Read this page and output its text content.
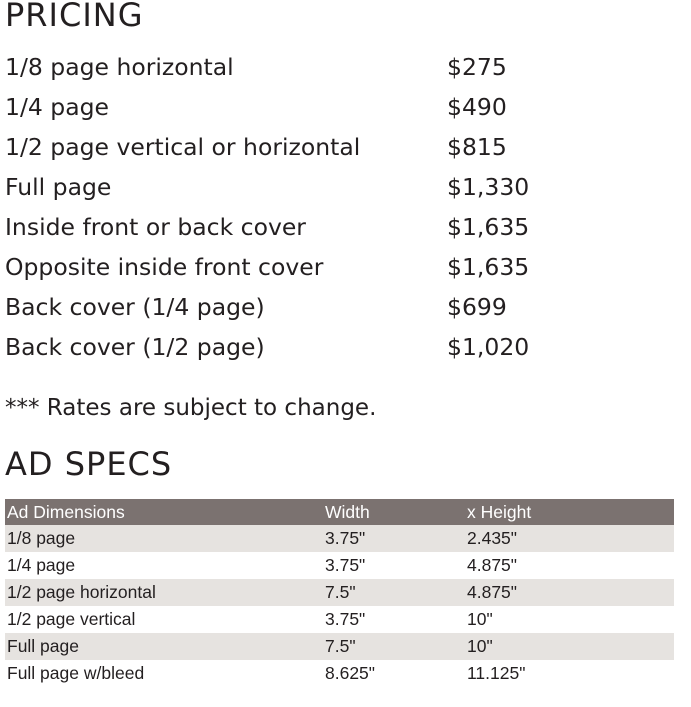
PRICING
1/8 page horizontal	$275
1/4 page	$490
1/2 page vertical or horizontal	$815
Full page	$1,330
Inside front or back cover	$1,635
Opposite inside front cover	$1,635
Back cover (1/4 page)	$699
Back cover (1/2 page)	$1,020
*** Rates are subject to change.
AD SPECS
Ad Dimensions	Width	x Height
1/8 page	3.75"	2.435"
1/4 page	3.75"	4.875"
1/2 page horizontal	7.5"	4.875"
1/2 page vertical	3.75"	10"
Full page	7.5"	10"
Full page w/bleed	8.625"	11.125"
